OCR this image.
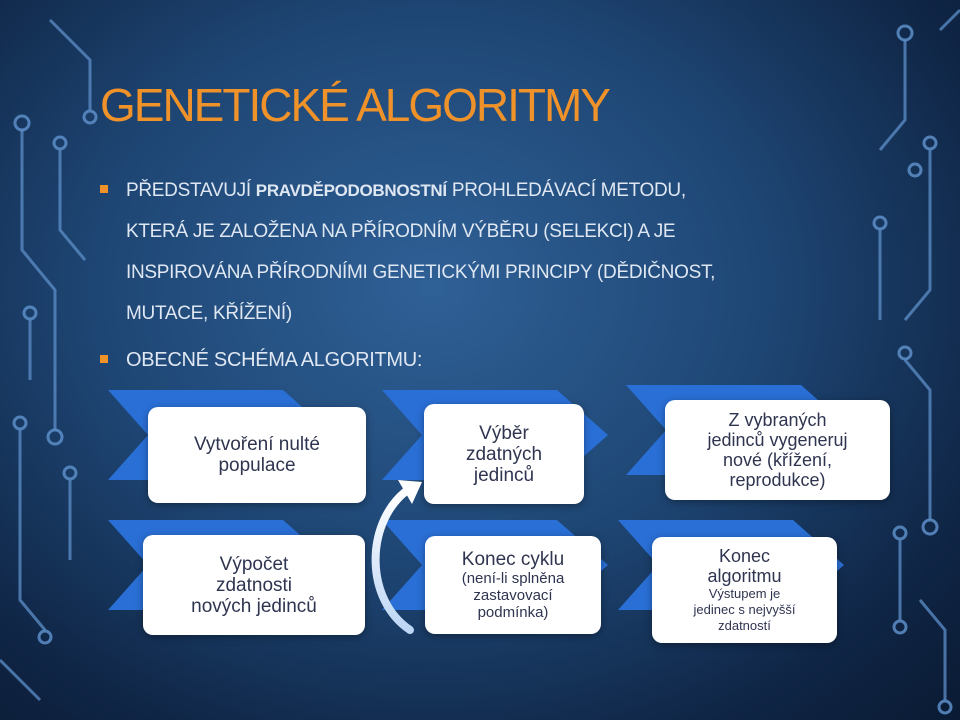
GENETICKÉ ALGORITMY
PŘEDSTAVUJÍ PRAVDĚPODOBNOSTNÍ PROHLEDÁVACÍ METODU,
KTERÁ JE ZALOŽENA NA PŘÍRODNÍM VÝBĚRU (SELEKCI) A JE
INSPIROVÁNA PŘÍRODNÍMI GENETICKÝMI PRINCIPY (DĚDIČNOST,
MUTACE, KŘÍŽENÍ)
OBECNÉ SCHÉMA ALGORITMU:
Vytvoření nulté
populace
Výběr
zdatných
jedinců
Z vybraných
jedinců vygeneruj
nové (křížení,
reprodukce)
Výpočet
zdatnosti
nových jedinců
Konec cyklu
(není-li splněna
zastavovací
podmínka)
Konec
algoritmu
Výstupem je
jedinec s nejvyšší
zdatností
